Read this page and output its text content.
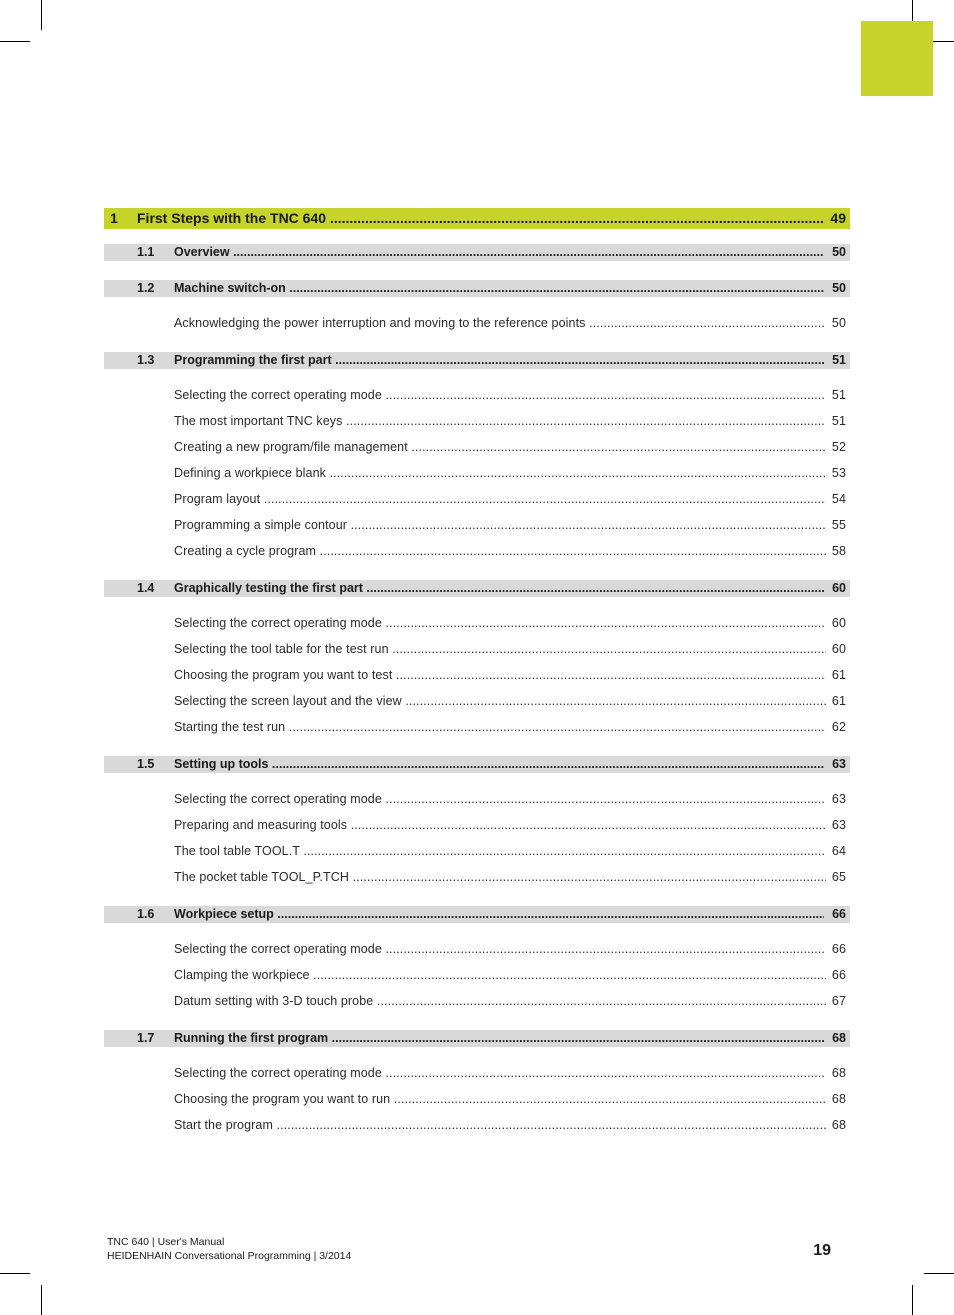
1 First Steps with the TNC 640 .....	49
1.1 Overview .....	50
1.2 Machine switch-on .....	50
Acknowledging the power interruption and moving to the reference points .....	50
1.3 Programming the first part .....	51
Selecting the correct operating mode .....	51
The most important TNC keys .....	51
Creating a new program/file management .....	52
Defining a workpiece blank .....	53
Program layout .....	54
Programming a simple contour .....	55
Creating a cycle program .....	58
1.4 Graphically testing the first part .....	60
Selecting the correct operating mode .....	60
Selecting the tool table for the test run .....	60
Choosing the program you want to test .....	61
Selecting the screen layout and the view .....	61
Starting the test run .....	62
1.5 Setting up tools .....	63
Selecting the correct operating mode .....	63
Preparing and measuring tools .....	63
The tool table TOOL.T .....	64
The pocket table TOOL_P.TCH .....	65
1.6 Workpiece setup .....	66
Selecting the correct operating mode .....	66
Clamping the workpiece .....	66
Datum setting with 3-D touch probe .....	67
1.7 Running the first program .....	68
Selecting the correct operating mode .....	68
Choosing the program you want to run .....	68
Start the program .....	68
TNC 640 | User's Manual
HEIDENHAIN Conversational Programming | 3/2014	19
